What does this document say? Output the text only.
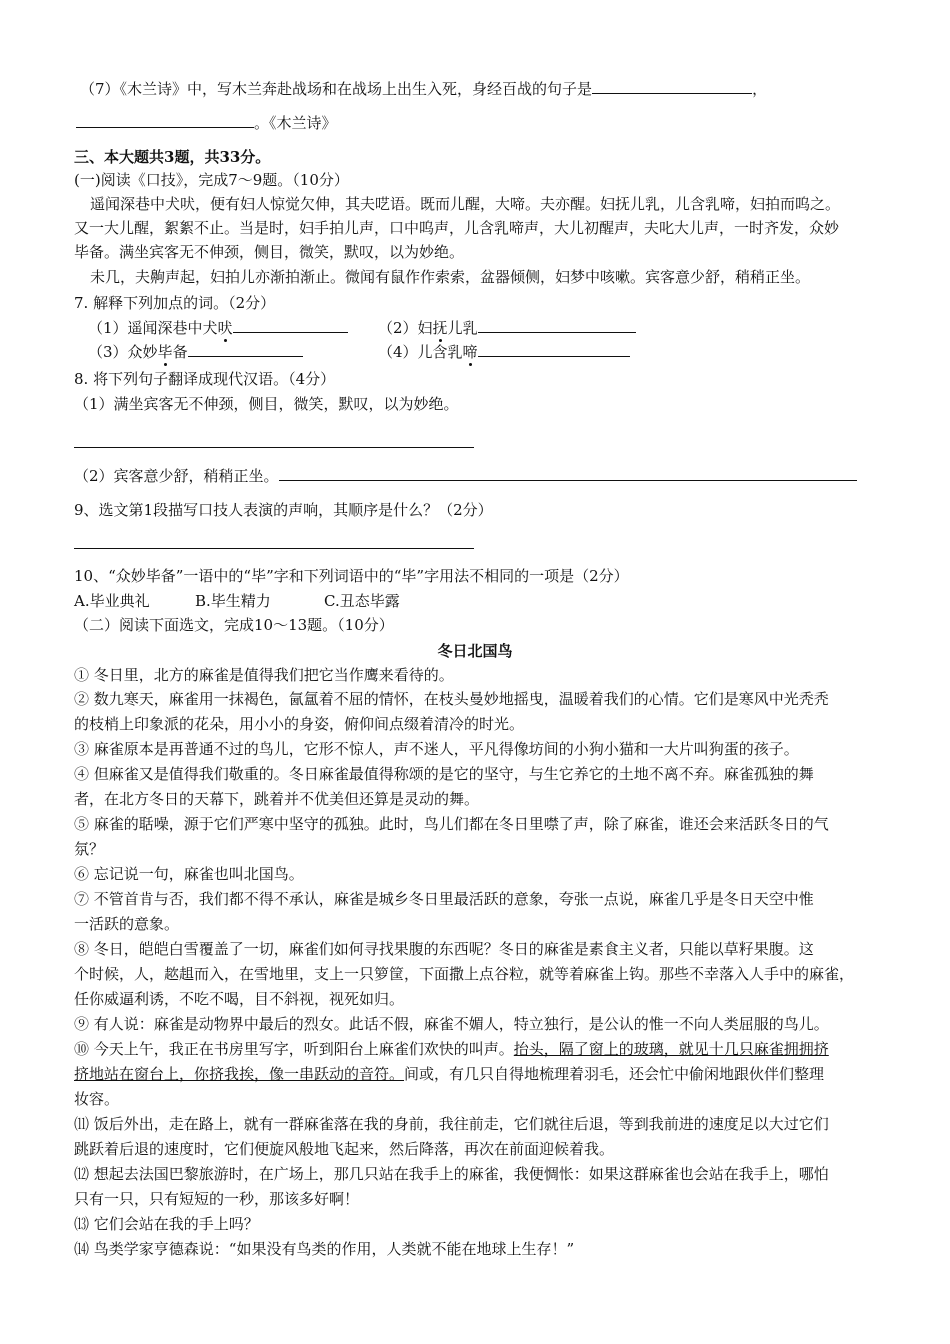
（7）《木兰诗》中，写木兰奔赴战场和在战场上出生入死，身经百战的句子是	，
。《木兰诗》
三、本大题共3题，共33分。
(一)阅读《口技》，完成7～9题。（10分）
遥闻深巷中犬吠，便有妇人惊觉欠伸，其夫呓语。既而儿醒，大啼。夫亦醒。妇抚儿乳，儿含乳啼，妇拍而呜之。
又一大儿醒，絮絮不止。当是时，妇手拍儿声，口中呜声，儿含乳啼声，大儿初醒声，夫叱大儿声，一时齐发，众妙
毕备。满坐宾客无不伸颈，侧目，微笑，默叹，以为妙绝。
未几，夫齁声起，妇拍儿亦渐拍渐止。微闻有鼠作作索索，盆器倾侧，妇梦中咳嗽。宾客意少舒，稍稍正坐。
7. 解释下列加点的词。（2分）
（1）遥闻深巷中犬吠	（2）妇抚儿乳
（3）众妙毕备	（4）儿含乳啼
8. 将下列句子翻译成现代汉语。（4分）
（1）满坐宾客无不伸颈，侧目，微笑，默叹，以为妙绝。
（2）宾客意少舒，稍稍正坐。
9、选文第1段描写口技人表演的声响，其顺序是什么？（2分）
10、“众妙毕备”一语中的“毕”字和下列词语中的“毕”字用法不相同的一项是（2分）
A.毕业典礼	B.毕生精力	C.丑态毕露
（二）阅读下面选文，完成10～13题。（10分）
冬日北国鸟
① 冬日里，北方的麻雀是值得我们把它当作鹰来看待的。
② 数九寒天，麻雀用一抹褐色，氤氲着不屈的情怀，在枝头曼妙地摇曳，温暖着我们的心情。它们是寒风中光秃秃
的枝梢上印象派的花朵，用小小的身姿，俯仰间点缀着清冷的时光。
③ 麻雀原本是再普通不过的鸟儿，它形不惊人，声不迷人，平凡得像坊间的小狗小猫和一大片叫狗蛋的孩子。
④ 但麻雀又是值得我们敬重的。冬日麻雀最值得称颂的是它的坚守，与生它养它的土地不离不弃。麻雀孤独的舞
者，在北方冬日的天幕下，跳着并不优美但还算是灵动的舞。
⑤ 麻雀的聒噪，源于它们严寒中坚守的孤独。此时，鸟儿们都在冬日里噤了声，除了麻雀，谁还会来活跃冬日的气
氛？
⑥ 忘记说一句，麻雀也叫北国鸟。
⑦ 不管首肯与否，我们都不得不承认，麻雀是城乡冬日里最活跃的意象，夸张一点说，麻雀几乎是冬日天空中惟
一活跃的意象。
⑧ 冬日，皑皑白雪覆盖了一切，麻雀们如何寻找果腹的东西呢？冬日的麻雀是素食主义者，只能以草籽果腹。这
个时候，人，趑趄而入，在雪地里，支上一只箩筐，下面撒上点谷粒，就等着麻雀上钩。那些不幸落入人手中的麻雀，
任你威逼利诱，不吃不喝，目不斜视，视死如归。
⑨ 有人说：麻雀是动物界中最后的烈女。此话不假，麻雀不媚人，特立独行，是公认的惟一不向人类屈服的鸟儿。
⑩ 今天上午，我正在书房里写字，听到阳台上麻雀们欢快的叫声。抬头，隔了窗上的玻璃，就见十几只麻雀拥拥挤
挤地站在窗台上，你挤我挨，像一串跃动的音符。间或，有几只自得地梳理着羽毛，还会忙中偷闲地跟伙伴们整理
妆容。
⑾ 饭后外出，走在路上，就有一群麻雀落在我的身前，我往前走，它们就往后退，等到我前进的速度足以大过它们
跳跃着后退的速度时，它们便旋风般地飞起来，然后降落，再次在前面迎候着我。
⑿ 想起去法国巴黎旅游时，在广场上，那几只站在我手上的麻雀，我便惆怅：如果这群麻雀也会站在我手上，哪怕
只有一只，只有短短的一秒，那该多好啊！
⒀ 它们会站在我的手上吗？
⒁ 鸟类学家亨德森说：“如果没有鸟类的作用，人类就不能在地球上生存！”
